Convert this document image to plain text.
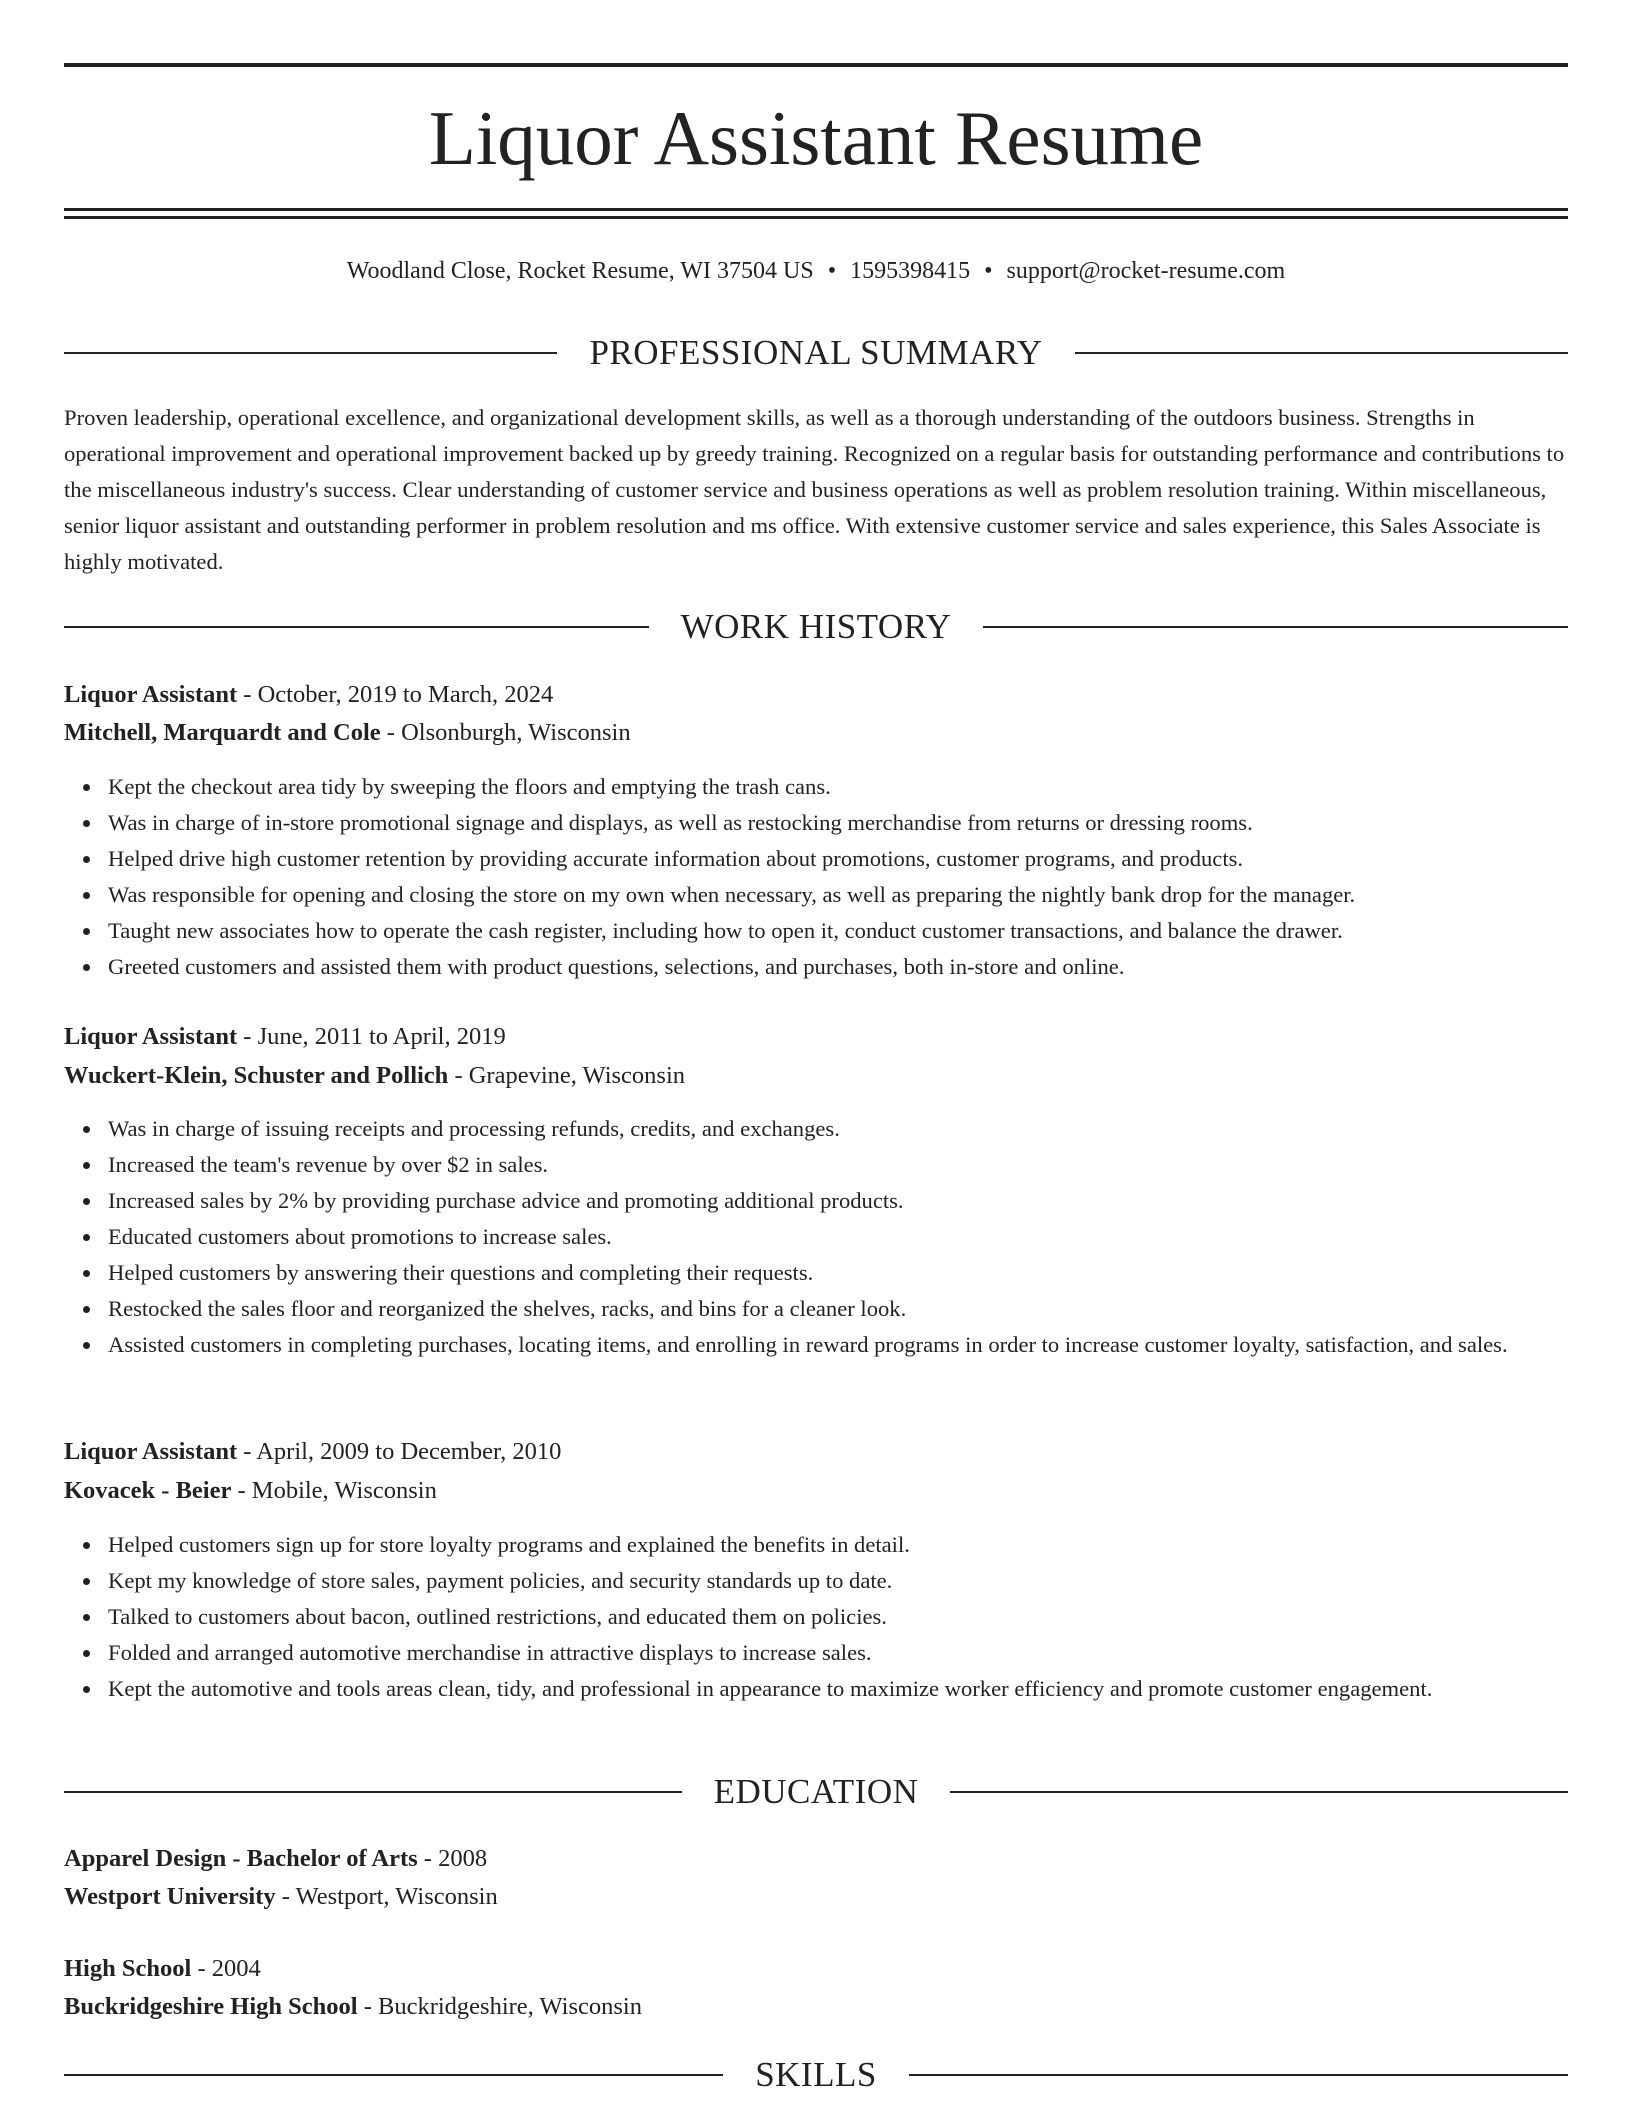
Liquor Assistant Resume
Woodland Close, Rocket Resume, WI 37504 US • 1595398415 • support@rocket-resume.com
PROFESSIONAL SUMMARY

Proven leadership, operational excellence, and organizational development skills, as well as a thorough understanding of the outdoors business. Strengths in operational improvement and operational improvement backed up by greedy training. Recognized on a regular basis for outstanding performance and contributions to the miscellaneous industry's success. Clear understanding of customer service and business operations as well as problem resolution training. Within miscellaneous, senior liquor assistant and outstanding performer in problem resolution and ms office. With extensive customer service and sales experience, this Sales Associate is highly motivated.

WORK HISTORY
Liquor Assistant - October, 2019 to March, 2024
Mitchell, Marquardt and Cole - Olsonburgh, Wisconsin
Kept the checkout area tidy by sweeping the floors and emptying the trash cans.
Was in charge of in-store promotional signage and displays, as well as restocking merchandise from returns or dressing rooms.
Helped drive high customer retention by providing accurate information about promotions, customer programs, and products.
Was responsible for opening and closing the store on my own when necessary, as well as preparing the nightly bank drop for the manager.
Taught new associates how to operate the cash register, including how to open it, conduct customer transactions, and balance the drawer.
Greeted customers and assisted them with product questions, selections, and purchases, both in-store and online.
Liquor Assistant - June, 2011 to April, 2019
Wuckert-Klein, Schuster and Pollich - Grapevine, Wisconsin
Was in charge of issuing receipts and processing refunds, credits, and exchanges.
Increased the team's revenue by over $2 in sales.
Increased sales by 2% by providing purchase advice and promoting additional products.
Educated customers about promotions to increase sales.
Helped customers by answering their questions and completing their requests.
Restocked the sales floor and reorganized the shelves, racks, and bins for a cleaner look.
Assisted customers in completing purchases, locating items, and enrolling in reward programs in order to increase customer loyalty, satisfaction, and sales.
Liquor Assistant - April, 2009 to December, 2010
Kovacek - Beier - Mobile, Wisconsin
Helped customers sign up for store loyalty programs and explained the benefits in detail.
Kept my knowledge of store sales, payment policies, and security standards up to date.
Talked to customers about bacon, outlined restrictions, and educated them on policies.
Folded and arranged automotive merchandise in attractive displays to increase sales.
Kept the automotive and tools areas clean, tidy, and professional in appearance to maximize worker efficiency and promote customer engagement.
EDUCATION
Apparel Design - Bachelor of Arts - 2008
Westport University - Westport, Wisconsin
High School - 2004
Buckridgeshire High School - Buckridgeshire, Wisconsin
SKILLS
